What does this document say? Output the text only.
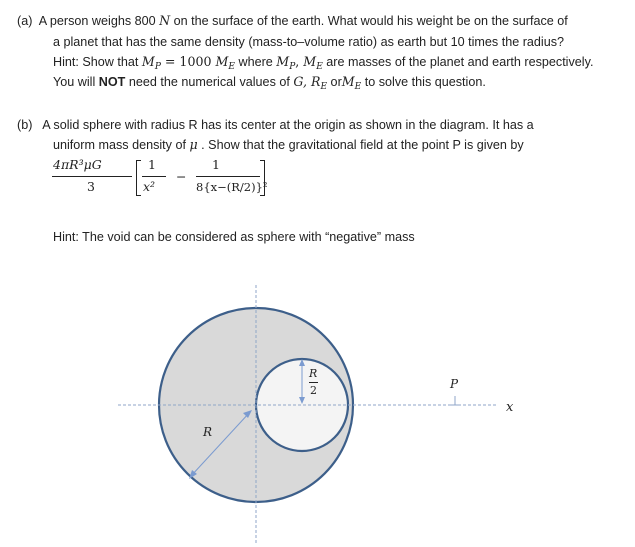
(a) A person weighs 800 N on the surface of the earth. What would his weight be on the surface of
a planet that has the same density (mass-to–volume ratio) as earth but 10 times the radius?
Hint: Show that $M_P = 1000$ $M_E$ where $M_P$, $M_E$ are masses of the planet and earth respectively.
You will NOT need the numerical values of G, $R_E$ orM$_E$ to solve this question.
(b) A solid sphere with radius R has its center at the origin as shown in the diagram. It has a
uniform mass density of μ . Show that the gravitational field at the point P is given by
4πR³μG
3
1
x²
−
1
8{x−(R/2)}²
Hint: The void can be considered as sphere with “negative” mass
R
R
2	P
x
